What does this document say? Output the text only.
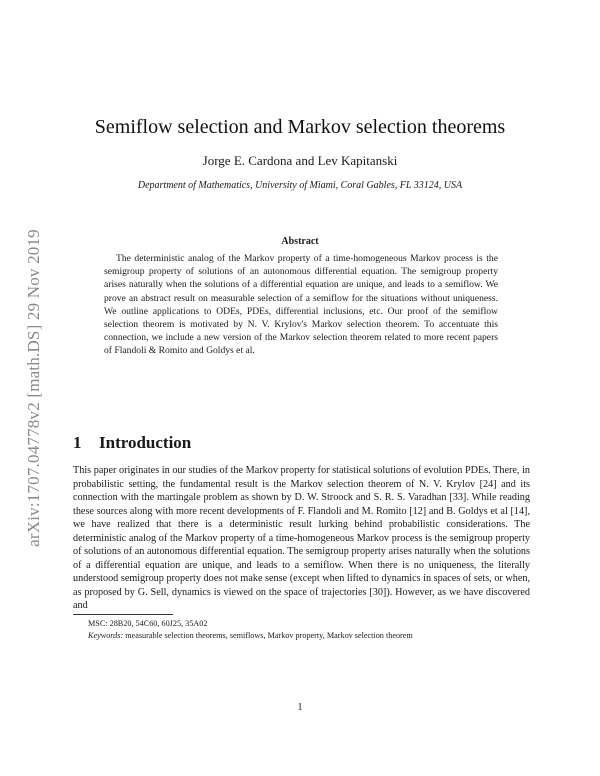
arXiv:1707.04778v2 [math.DS] 29 Nov 2019
Semiflow selection and Markov selection theorems
Jorge E. Cardona and Lev Kapitanski
Department of Mathematics, University of Miami, Coral Gables, FL 33124, USA
Abstract

The deterministic analog of the Markov property of a time-homogeneous Markov process is the semigroup property of solutions of an autonomous differential equation. The semigroup property arises naturally when the solutions of a differential equation are unique, and leads to a semiflow. We prove an abstract result on measurable selection of a semiflow for the situations without uniqueness. We outline applications to ODEs, PDEs, differential inclusions, etc. Our proof of the semiflow selection theorem is motivated by N. V. Krylov's Markov selection theorem. To accentuate this connection, we include a new version of the Markov selection theorem related to more recent papers of Flandoli & Romito and Goldys et al.

1 Introduction

This paper originates in our studies of the Markov property for statistical solutions of evolution PDEs. There, in probabilistic setting, the fundamental result is the Markov selection theorem of N. V. Krylov [24] and its connection with the martingale problem as shown by D. W. Stroock and S. R. S. Varadhan [33]. While reading these sources along with more recent developments of F. Flandoli and M. Romito [12] and B. Goldys et al [14], we have realized that there is a deterministic result lurking behind probabilistic considerations. The deterministic analog of the Markov property of a time-homogeneous Markov process is the semigroup property of solutions of an autonomous differential equation. The semigroup property arises naturally when the solutions of a differential equation are unique, and leads to a semiflow. When there is no uniqueness, the literally understood semigroup property does not make sense (except when lifted to dynamics in spaces of sets, or when, as proposed by G. Sell, dynamics is viewed on the space of trajectories [30]). However, as we have discovered and

MSC: 28B20, 54C60, 60J25, 35A02

Keywords: measurable selection theorems, semiflows, Markov property, Markov selection theorem

1
